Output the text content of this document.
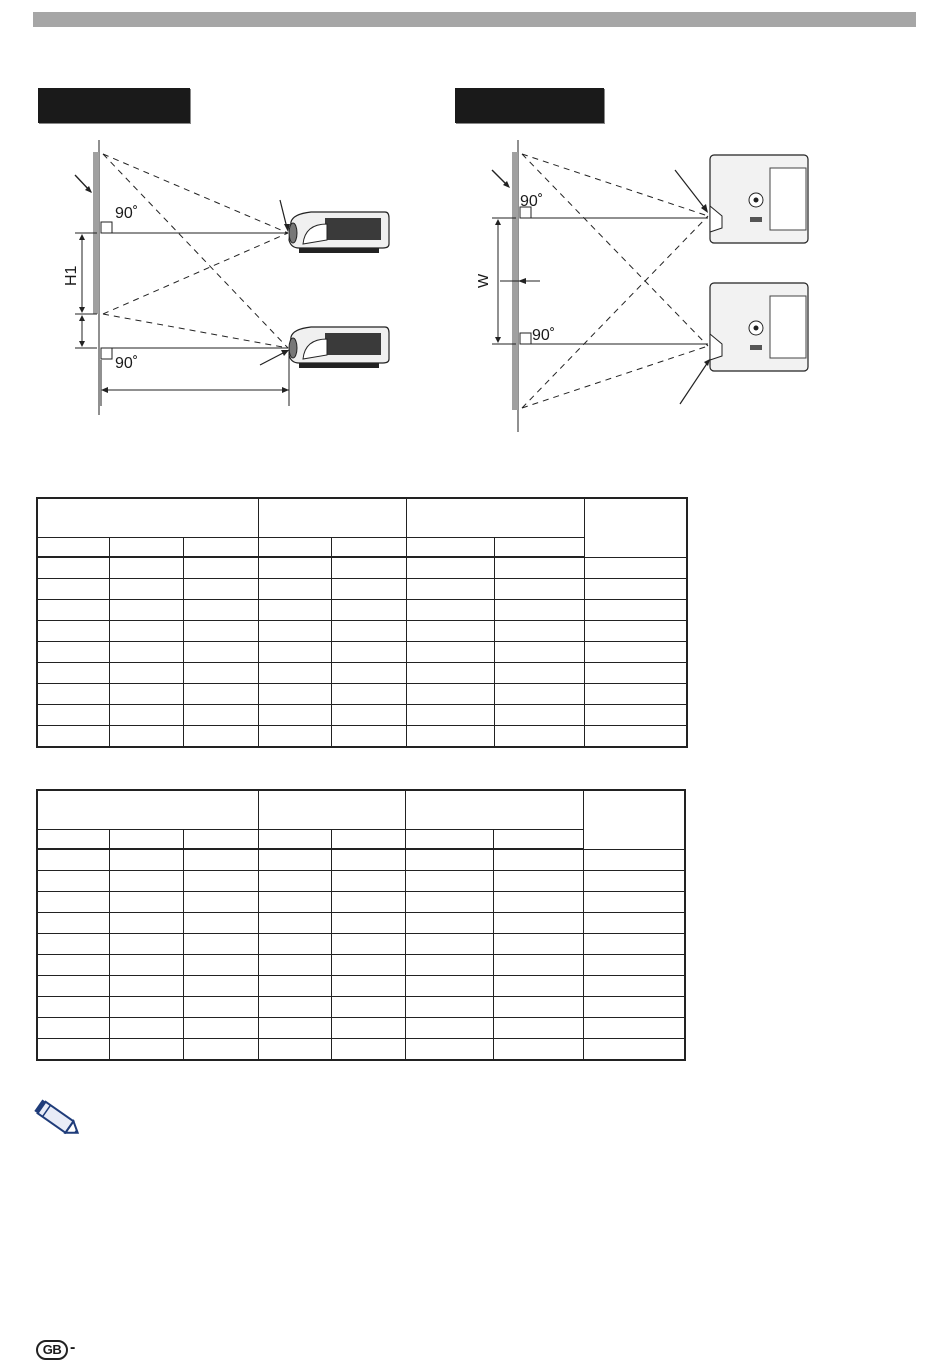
90˚
H1
90˚
90˚
W
90˚

GB -
